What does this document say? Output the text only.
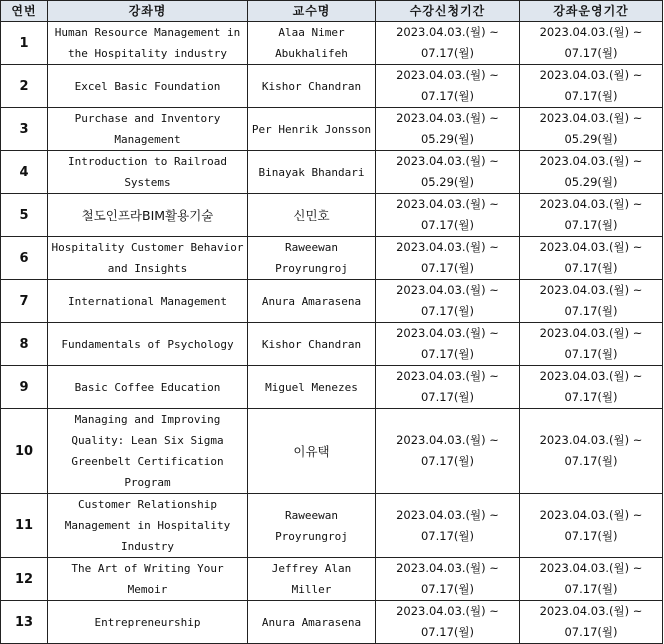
연번	강좌명	교수명	수강신청기간	강좌운영기간
1	Human Resource Management in the Hospitality industry	Alaa Nimer Abukhalifeh	2023.04.03.(월) ~ 07.17(월)	2023.04.03.(월) ~ 07.17(월)
2	Excel Basic Foundation	Kishor Chandran	2023.04.03.(월) ~ 07.17(월)	2023.04.03.(월) ~ 07.17(월)
3	Purchase and Inventory Management	Per Henrik Jonsson	2023.04.03.(월) ~ 05.29(월)	2023.04.03.(월) ~ 05.29(월)
4	Introduction to Railroad Systems	Binayak Bhandari	2023.04.03.(월) ~ 05.29(월)	2023.04.03.(월) ~ 05.29(월)
5	철도인프라BIM활용기술	신민호	2023.04.03.(월) ~ 07.17(월)	2023.04.03.(월) ~ 07.17(월)
6	Hospitality Customer Behavior and Insights	Raweewan Proyrungroj	2023.04.03.(월) ~ 07.17(월)	2023.04.03.(월) ~ 07.17(월)
7	International Management	Anura Amarasena	2023.04.03.(월) ~ 07.17(월)	2023.04.03.(월) ~ 07.17(월)
8	Fundamentals of Psychology	Kishor Chandran	2023.04.03.(월) ~ 07.17(월)	2023.04.03.(월) ~ 07.17(월)
9	Basic Coffee Education	Miguel Menezes	2023.04.03.(월) ~ 07.17(월)	2023.04.03.(월) ~ 07.17(월)
10	Managing and Improving Quality: Lean Six Sigma Greenbelt Certification Program	이유택	2023.04.03.(월) ~ 07.17(월)	2023.04.03.(월) ~ 07.17(월)
11	Customer Relationship Management in Hospitality Industry	Raweewan Proyrungroj	2023.04.03.(월) ~ 07.17(월)	2023.04.03.(월) ~ 07.17(월)
12	The Art of Writing Your Memoir	Jeffrey Alan Miller	2023.04.03.(월) ~ 07.17(월)	2023.04.03.(월) ~ 07.17(월)
13	Entrepreneurship	Anura Amarasena	2023.04.03.(월) ~ 07.17(월)	2023.04.03.(월) ~ 07.17(월)
